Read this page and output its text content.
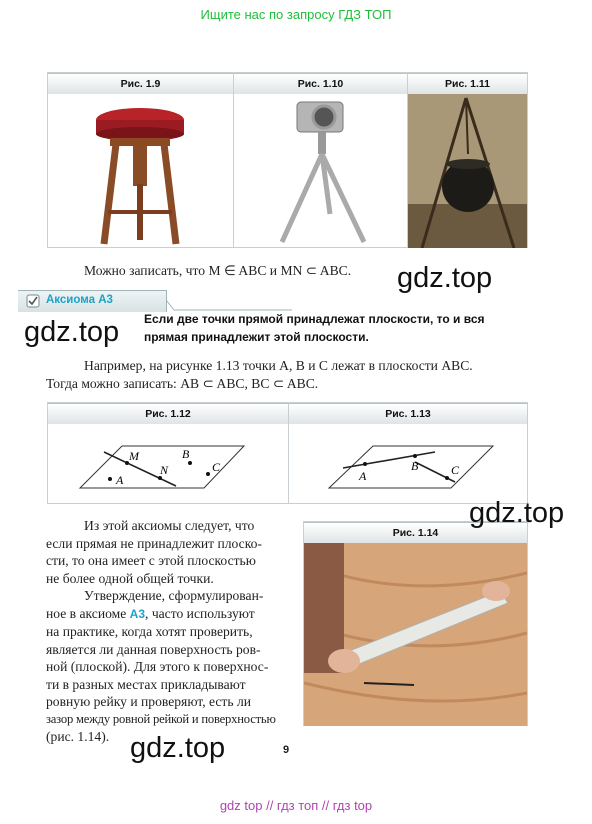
Ищите нас по запросу ГДЗ ТОП
Рис. 1.9	Рис. 1.10	Рис. 1.11

Можно записать, что M ∈ ABC и MN ⊂ ABC. gdz.top
Аксиома А3
gdz.top Если две точки прямой принадлежат плоскости, то и вся прямая принадлежит этой плоскости.

Например, на рисунке 1.13 точки A, B и C лежат в плоскости ABC.
Тогда можно записать: AB ⊂ ABC, BC ⊂ ABC.

Рис. 1.12
M
N
B
A
C
Рис. 1.13
B
A	C
Из этой аксиомы следует, что
если прямая не принадлежит плоско-
сти, то она имеет с этой плоскостью
не более одной общей точки.
Утверждение, сформулирован-
ное в аксиоме А3, часто используют
на практике, когда хотят проверить,
является ли данная поверхность ров-
ной (плоской). Для этого к поверхнос-
ти в разных местах прикладывают
ровную рейку и проверяют, есть ли
зазор между ровной рейкой и поверхностью
(рис. 1.14).
Рис. 1.14
gdz.top
gdz.top	9
gdz top // гдз топ // гдз top
